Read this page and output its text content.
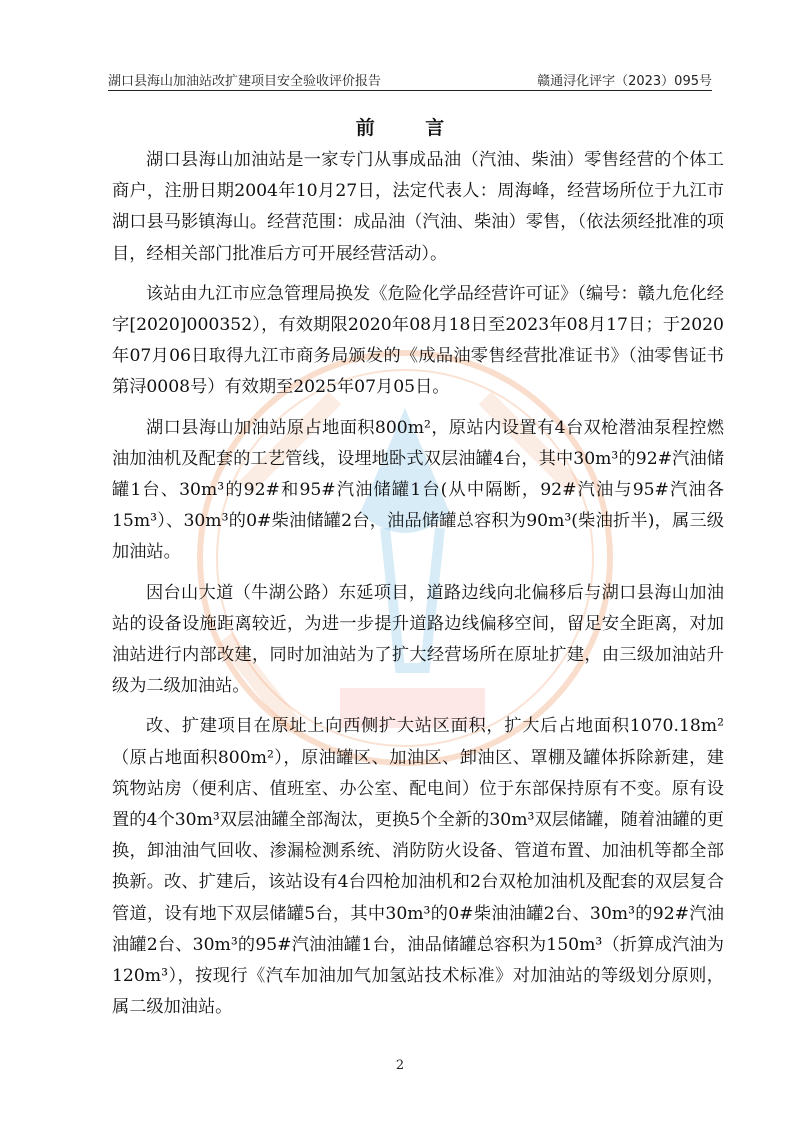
湖口县海山加油站改扩建项目安全验收评价报告	赣通浔化评字（2023）095号
前 言

湖口县海山加油站是一家专门从事成品油（汽油、柴油）零售经营的个体工商户，注册日期2004年10月27日，法定代表人：周海峰，经营场所位于九江市湖口县马影镇海山。经营范围：成品油（汽油、柴油）零售，（依法须经批准的项目，经相关部门批准后方可开展经营活动）。

该站由九江市应急管理局换发《危险化学品经营许可证》（编号：赣九危化经字[2020]000352），有效期限2020年08月18日至2023年08月17日；于2020年07月06日取得九江市商务局颁发的《成品油零售经营批准证书》（油零售证书第浔0008号）有效期至2025年07月05日。

湖口县海山加油站原占地面积800m²，原站内设置有4台双枪潜油泵程控燃油加油机及配套的工艺管线，设埋地卧式双层油罐4台，其中30m³的92#汽油储罐1台、30m³的92#和95#汽油储罐1台(从中隔断，92#汽油与95#汽油各15m³）、30m³的0#柴油储罐2台，油品储罐总容积为90m³(柴油折半)，属三级加油站。

因台山大道（牛湖公路）东延项目，道路边线向北偏移后与湖口县海山加油站的设备设施距离较近，为进一步提升道路边线偏移空间，留足安全距离，对加油站进行内部改建，同时加油站为了扩大经营场所在原址扩建，由三级加油站升级为二级加油站。

改、扩建项目在原址上向西侧扩大站区面积，扩大后占地面积1070.18m²（原占地面积800m²），原油罐区、加油区、卸油区、罩棚及罐体拆除新建，建筑物站房（便利店、值班室、办公室、配电间）位于东部保持原有不变。原有设置的4个30m³双层油罐全部淘汰，更换5个全新的30m³双层储罐，随着油罐的更换，卸油油气回收、渗漏检测系统、消防防火设备、管道布置、加油机等都全部换新。改、扩建后，该站设有4台四枪加油机和2台双枪加油机及配套的双层复合管道，设有地下双层储罐5台，其中30m³的0#柴油油罐2台、30m³的92#汽油油罐2台、30m³的95#汽油油罐1台，油品储罐总容积为150m³（折算成汽油为120m³），按现行《汽车加油加气加氢站技术标准》对加油站的等级划分原则，属二级加油站。

2
